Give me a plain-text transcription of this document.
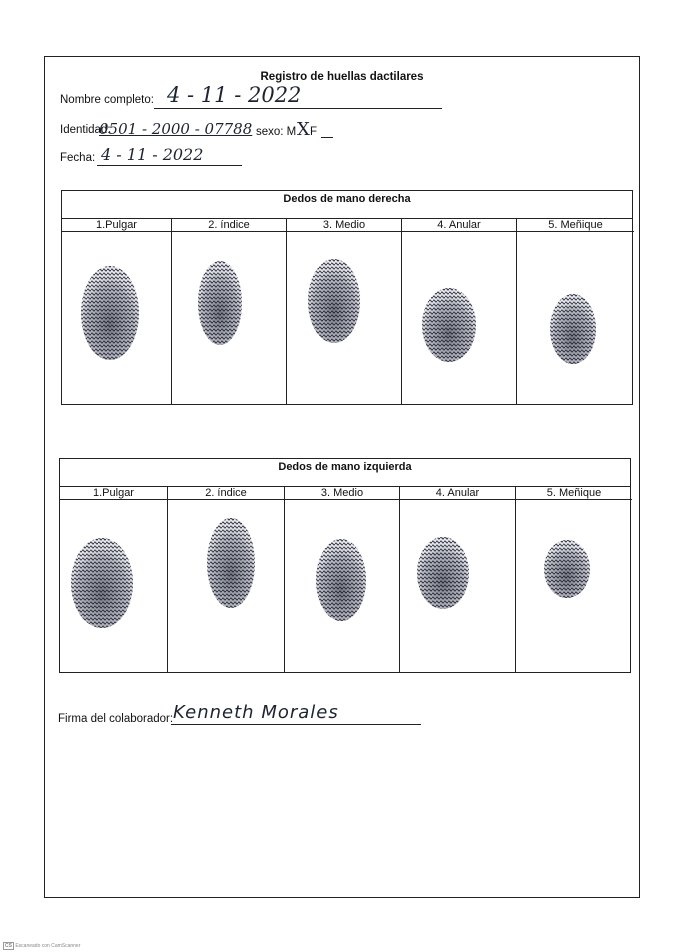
Registro de huellas dactilares
Nombre completo: 4 - 11 - 2022
Identidad:
0501 - 2000 - 07788 sexo: M X F
Fecha: 4 - 11 - 2022
Dedos de mano derecha
1.Pulgar	2. índice	3. Medio	4. Anular	5. Meñique
Dedos de mano izquierda
1.Pulgar	2. índice	3. Medio	4. Anular	5. Meñique
Firma del colaborador: Kenneth Morales
CS Escaneado con CamScanner
